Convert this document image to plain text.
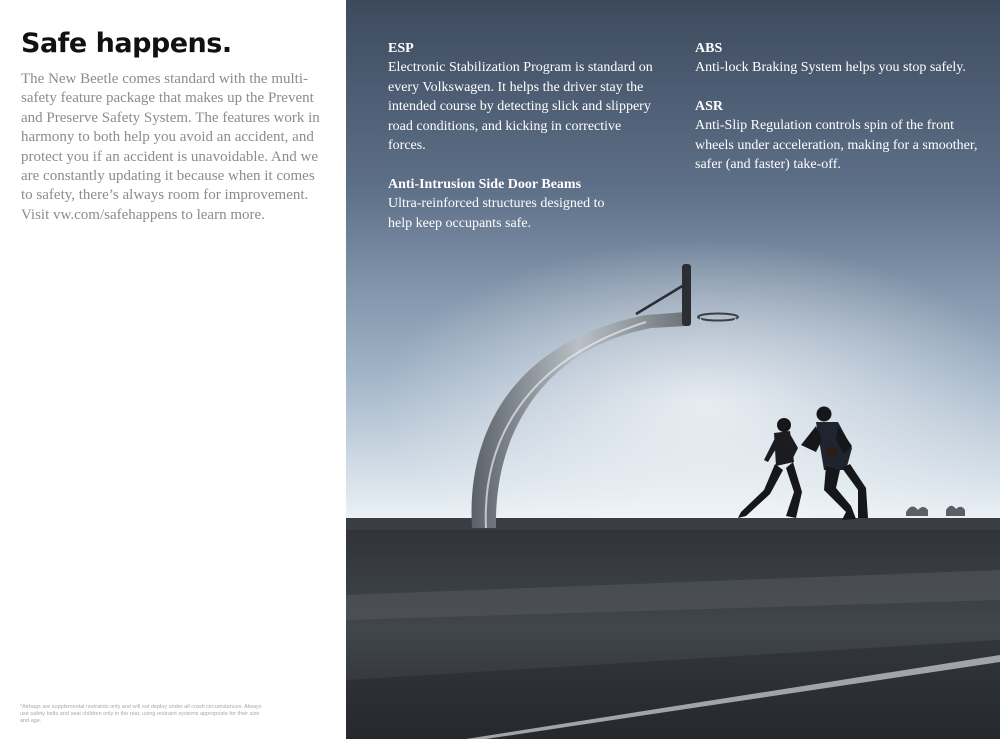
Safe happens.

The New Beetle comes standard with the multi-safety feature package that makes up the Prevent and Preserve Safety System. The features work in harmony to both help you avoid an accident, and protect you if an accident is unavoidable. And we are constantly updating it because when it comes to safety, there’s always room for improvement. Visit vw.com/safehappens to learn more.

*Airbags are supplemental restraints only and will not deploy under all crash circumstances. Always use safety belts and seat children only in the rear, using restraint systems appropriate for their size and age.

ESP

Electronic Stabilization Program is standard on every Volkswagen. It helps the driver stay the intended course by detecting slick and slippery road conditions, and kicking in corrective forces.

Anti-Intrusion Side Door Beams

Ultra-reinforced structures designed to help keep occupants safe.

ABS

Anti-lock Braking System helps you stop safely.

ASR

Anti-Slip Regulation controls spin of the front wheels under acceleration, making for a smoother, safer (and faster) take-off.
